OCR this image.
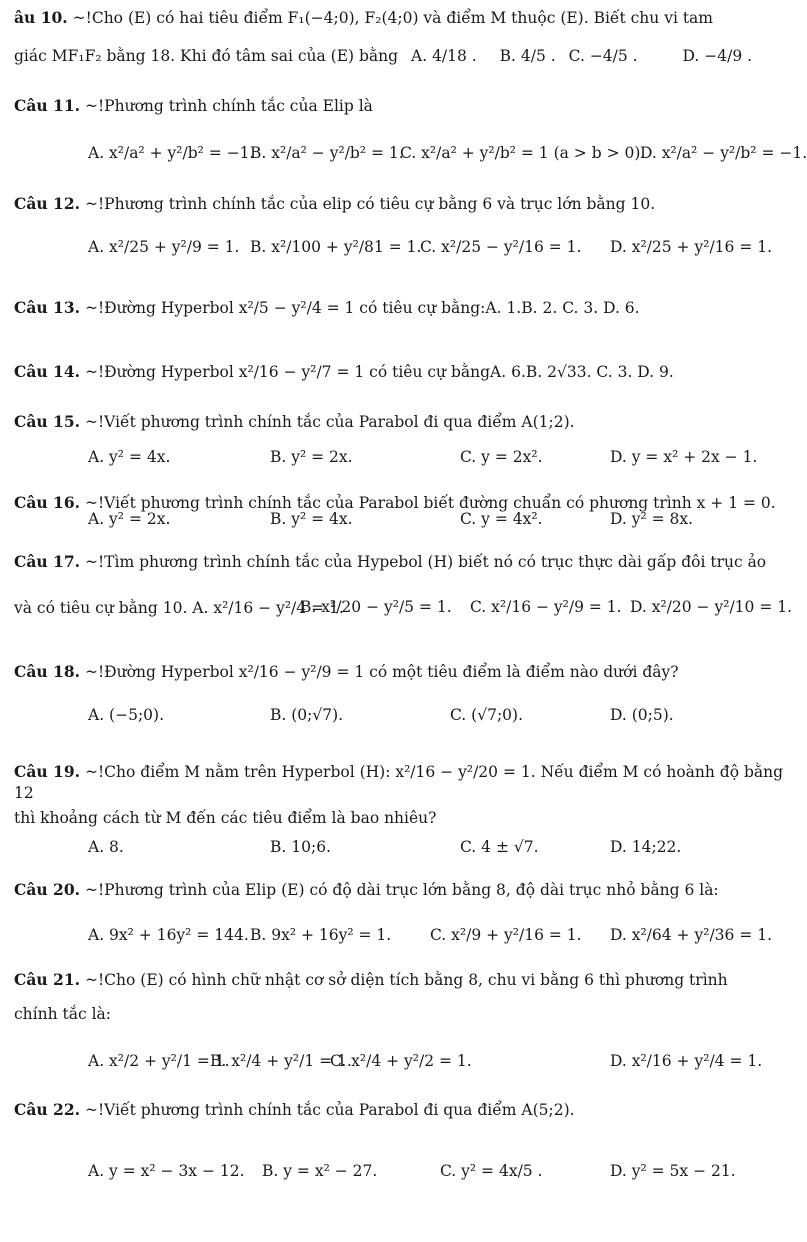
âu 10. ~!Cho (E) có hai tiêu điểm F₁(−4;0), F₂(4;0) và điểm M thuộc (E). Biết chu vi tam
giác MF₁F₂ bằng 18. Khi đó tâm sai của (E) bằng A. 4/18 . B. 4/5 . C. −4/5 .	D. −4/9 .
Câu 11. ~!Phương trình chính tắc của Elip là
A. x²/a² + y²/b² = −1.
B. x²/a² − y²/b² = 1.
C. x²/a² + y²/b² = 1 (a > b > 0).
D. x²/a² − y²/b² = −1.
Câu 12. ~!Phương trình chính tắc của elip có tiêu cự bằng 6 và trục lớn bằng 10.
A. x²/25 + y²/9 = 1. B. x²/100 + y²/81 = 1.
C. x²/25 − y²/16 = 1. D. x²/25 + y²/16 = 1.
Câu 13. ~!Đường Hyperbol x²/5 − y²/4 = 1 có tiêu cự bằng:A. 1.B. 2. C. 3. D. 6.
Câu 14. ~!Đường Hyperbol x²/16 − y²/7 = 1 có tiêu cự bằngA. 6.B. 2√33. C. 3. D. 9.
Câu 15. ~!Viết phương trình chính tắc của Parabol đi qua điểm A(1;2).
A. y² = 4x.	B. y² = 2x.	C. y = 2x².	D. y = x² + 2x − 1.
Câu 16. ~!Viết phương trình chính tắc của Parabol biết đường chuẩn có phương trình x + 1 = 0.
A. y² = 2x.	B. y² = 4x.	C. y = 4x².	D. y² = 8x.
Câu 17. ~!Tìm phương trình chính tắc của Hypebol (H) biết nó có trục thực dài gấp đôi trục ảo
và có tiêu cự bằng 10. A. x²/16 − y²/4 = 1.
B. x²/20 − y²/5 = 1. C. x²/16 − y²/9 = 1. D. x²/20 − y²/10 = 1.
Câu 18. ~!Đường Hyperbol x²/16 − y²/9 = 1 có một tiêu điểm là điểm nào dưới đây?
A. (−5;0).	B. (0;√7).	C. (√7;0).	D. (0;5).
Câu 19. ~!Cho điểm M nằm trên Hyperbol (H): x²/16 − y²/20 = 1. Nếu điểm M có hoành độ bằng 12
thì khoảng cách từ M đến các tiêu điểm là bao nhiêu?
A. 8.	B. 10;6.	C. 4 ± √7.	D. 14;22.
Câu 20. ~!Phương trình của Elip (E) có độ dài trục lớn bằng 8, độ dài trục nhỏ bằng 6 là:
A. 9x² + 16y² = 144. B. 9x² + 16y² = 1.	C. x²/9 + y²/16 = 1. D. x²/64 + y²/36 = 1.
Câu 21. ~!Cho (E) có hình chữ nhật cơ sở diện tích bằng 8, chu vi bằng 6 thì phương trình
chính tắc là:
A. x²/2 + y²/1 = 1.
B. x²/4 + y²/1 = 1.
C. x²/4 + y²/2 = 1.	D. x²/16 + y²/4 = 1.
Câu 22. ~!Viết phương trình chính tắc của Parabol đi qua điểm A(5;2).
A. y = x² − 3x − 12. B. y = x² − 27.	C. y² = 4x/5 .	D. y² = 5x − 21.
